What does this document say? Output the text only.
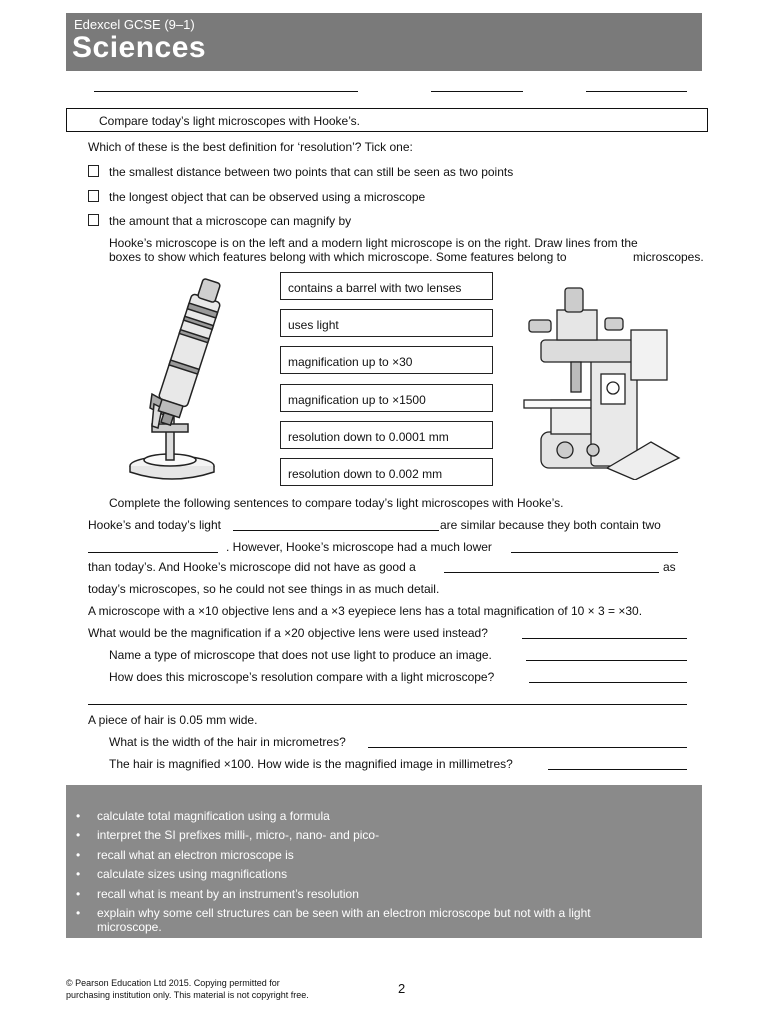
Edexcel GCSE (9–1)
Sciences
Compare today’s light microscopes with Hooke’s.
Which of these is the best definition for ‘resolution’? Tick one:
the smallest distance between two points that can still be seen as two points
the longest object that can be observed using a microscope
the amount that a microscope can magnify by
Hooke’s microscope is on the left and a modern light microscope is on the right. Draw lines from the
boxes to show which features belong with which microscope. Some features belong to	microscopes.
contains a barrel with two lenses
uses light
magnification up to ×30
magnification up to ×1500
resolution down to 0.0001 mm
resolution down to 0.002 mm
Complete the following sentences to compare today’s light microscopes with Hooke’s.
Hooke’s and today’s light	are similar because they both contain two
. However, Hooke’s microscope had a much lower
than today’s. And Hooke’s microscope did not have as good a	as
today’s microscopes, so he could not see things in as much detail.
A microscope with a ×10 objective lens and a ×3 eyepiece lens has a total magnification of 10 × 3 = ×30.
What would be the magnification if a ×20 objective lens were used instead?
Name a type of microscope that does not use light to produce an image.
How does this microscope’s resolution compare with a light microscope?
A piece of hair is 0.05 mm wide.
What is the width of the hair in micrometres?
The hair is magnified ×100. How wide is the magnified image in millimetres?
• calculate total magnification using a formula
• interpret the SI prefixes milli-, micro-, nano- and pico-
• recall what an electron microscope is
• calculate sizes using magnifications
• recall what is meant by an instrument’s resolution
• explain why some cell structures can be seen with an electron microscope but not with a light microscope.
© Pearson Education Ltd 2015. Copying permitted for
purchasing institution only. This material is not copyright free.	2
